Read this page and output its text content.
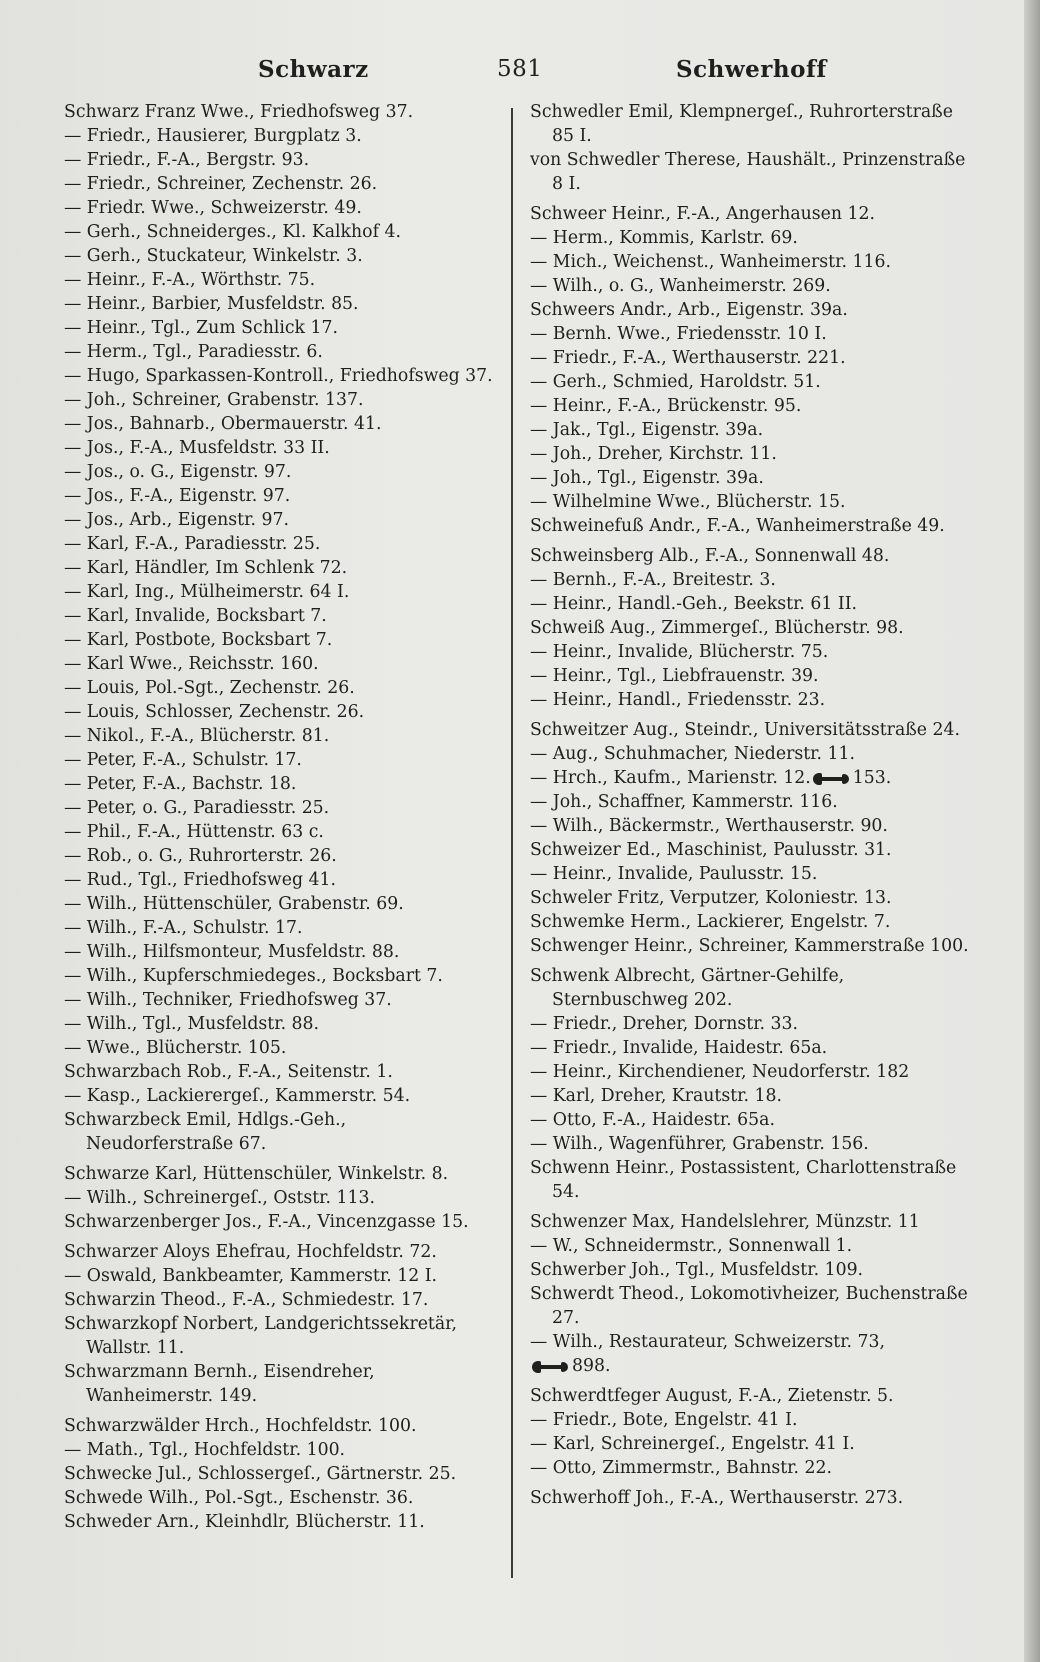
Schwarz	581	Schwerhoff
Schwarz Franz Wwe., Friedhofsweg 37.
— Friedr., Hausierer, Burgplatz 3.
— Friedr., F.-A., Bergstr. 93.
— Friedr., Schreiner, Zechenstr. 26.
— Friedr. Wwe., Schweizerstr. 49.
— Gerh., Schneiderges., Kl. Kalkhof 4.
— Gerh., Stuckateur, Winkelstr. 3.
— Heinr., F.-A., Wörthstr. 75.
— Heinr., Barbier, Musfeldstr. 85.
— Heinr., Tgl., Zum Schlick 17.
— Herm., Tgl., Paradiesstr. 6.
— Hugo, Sparkassen-Kontroll., Friedhofsweg 37.
— Joh., Schreiner, Grabenstr. 137.
— Jos., Bahnarb., Obermauerstr. 41.
— Jos., F.-A., Musfeldstr. 33 II.
— Jos., o. G., Eigenstr. 97.
— Jos., F.-A., Eigenstr. 97.
— Jos., Arb., Eigenstr. 97.
— Karl, F.-A., Paradiesstr. 25.
— Karl, Händler, Im Schlenk 72.
— Karl, Ing., Mülheimerstr. 64 I.
— Karl, Invalide, Bocksbart 7.
— Karl, Postbote, Bocksbart 7.
— Karl Wwe., Reichsstr. 160.
— Louis, Pol.-Sgt., Zechenstr. 26.
— Louis, Schlosser, Zechenstr. 26.
— Nikol., F.-A., Blücherstr. 81.
— Peter, F.-A., Schulstr. 17.
— Peter, F.-A., Bachstr. 18.
— Peter, o. G., Paradiesstr. 25.
— Phil., F.-A., Hüttenstr. 63 c.
— Rob., o. G., Ruhrorterstr. 26.
— Rud., Tgl., Friedhofsweg 41.
— Wilh., Hüttenschüler, Grabenstr. 69.
— Wilh., F.-A., Schulstr. 17.
— Wilh., Hilfsmonteur, Musfeldstr. 88.
— Wilh., Kupferschmiedeges., Bocksbart 7.
— Wilh., Techniker, Friedhofsweg 37.
— Wilh., Tgl., Musfeldstr. 88.
— Wwe., Blücherstr. 105.
Schwarzbach Rob., F.-A., Seitenstr. 1.
— Kasp., Lackierergeſ., Kammerstr. 54.
Schwarzbeck Emil, Hdlgs.-Geh., Neudorferstraße 67.
Schwarze Karl, Hüttenschüler, Winkelstr. 8.
— Wilh., Schreinergeſ., Oststr. 113.
Schwarzenberger Jos., F.-A., Vincenzgasse 15.
Schwarzer Aloys Ehefrau, Hochfeldstr. 72.
— Oswald, Bankbeamter, Kammerstr. 12 I.
Schwarzin Theod., F.-A., Schmiedestr. 17.
Schwarzkopf Norbert, Landgerichtssekretär, Wallstr. 11.
Schwarzmann Bernh., Eisendreher, Wanheimerstr. 149.
Schwarzwälder Hrch., Hochfeldstr. 100.
— Math., Tgl., Hochfeldstr. 100.
Schwecke Jul., Schlossergeſ., Gärtnerstr. 25.
Schwede Wilh., Pol.-Sgt., Eschenstr. 36.
Schweder Arn., Kleinhdlr, Blücherstr. 11.
Schwedler Emil, Klempnergeſ., Ruhrorterstraße 85 I.
von Schwedler Therese, Haushält., Prinzenstraße 8 I.
Schweer Heinr., F.-A., Angerhausen 12.
— Herm., Kommis, Karlstr. 69.
— Mich., Weichenst., Wanheimerstr. 116.
— Wilh., o. G., Wanheimerstr. 269.
Schweers Andr., Arb., Eigenstr. 39a.
— Bernh. Wwe., Friedensstr. 10 I.
— Friedr., F.-A., Werthauserstr. 221.
— Gerh., Schmied, Haroldstr. 51.
— Heinr., F.-A., Brückenstr. 95.
— Jak., Tgl., Eigenstr. 39a.
— Joh., Dreher, Kirchstr. 11.
— Joh., Tgl., Eigenstr. 39a.
— Wilhelmine Wwe., Blücherstr. 15.
Schweinefuß Andr., F.-A., Wanheimerstraße 49.
Schweinsberg Alb., F.-A., Sonnenwall 48.
— Bernh., F.-A., Breitestr. 3.
— Heinr., Handl.-Geh., Beekstr. 61 II.
Schweiß Aug., Zimmergeſ., Blücherstr. 98.
— Heinr., Invalide, Blücherstr. 75.
— Heinr., Tgl., Liebfrauenstr. 39.
— Heinr., Handl., Friedensstr. 23.
Schweitzer Aug., Steindr., Universitätsstraße 24.
— Aug., Schuhmacher, Niederstr. 11.
— Hrch., Kaufm., Marienstr. 12. 153.
— Joh., Schaffner, Kammerstr. 116.
— Wilh., Bäckermstr., Werthauserstr. 90.
Schweizer Ed., Maschinist, Paulusstr. 31.
— Heinr., Invalide, Paulusstr. 15.
Schweler Fritz, Verputzer, Koloniestr. 13.
Schwemke Herm., Lackierer, Engelstr. 7.
Schwenger Heinr., Schreiner, Kammerstraße 100.
Schwenk Albrecht, Gärtner-Gehilfe, Sternbuschweg 202.
— Friedr., Dreher, Dornstr. 33.
— Friedr., Invalide, Haidestr. 65a.
— Heinr., Kirchendiener, Neudorferstr. 182
— Karl, Dreher, Krautstr. 18.
— Otto, F.-A., Haidestr. 65a.
— Wilh., Wagenführer, Grabenstr. 156.
Schwenn Heinr., Postassistent, Charlottenstraße 54.
Schwenzer Max, Handelslehrer, Münzstr. 11
— W., Schneidermstr., Sonnenwall 1.
Schwerber Joh., Tgl., Musfeldstr. 109.
Schwerdt Theod., Lokomotivheizer, Buchenstraße 27.
— Wilh., Restaurateur, Schweizerstr. 73,
898.
Schwerdtfeger August, F.-A., Zietenstr. 5.
— Friedr., Bote, Engelstr. 41 I.
— Karl, Schreinergeſ., Engelstr. 41 I.
— Otto, Zimmermstr., Bahnstr. 22.
Schwerhoff Joh., F.-A., Werthauserstr. 273.
